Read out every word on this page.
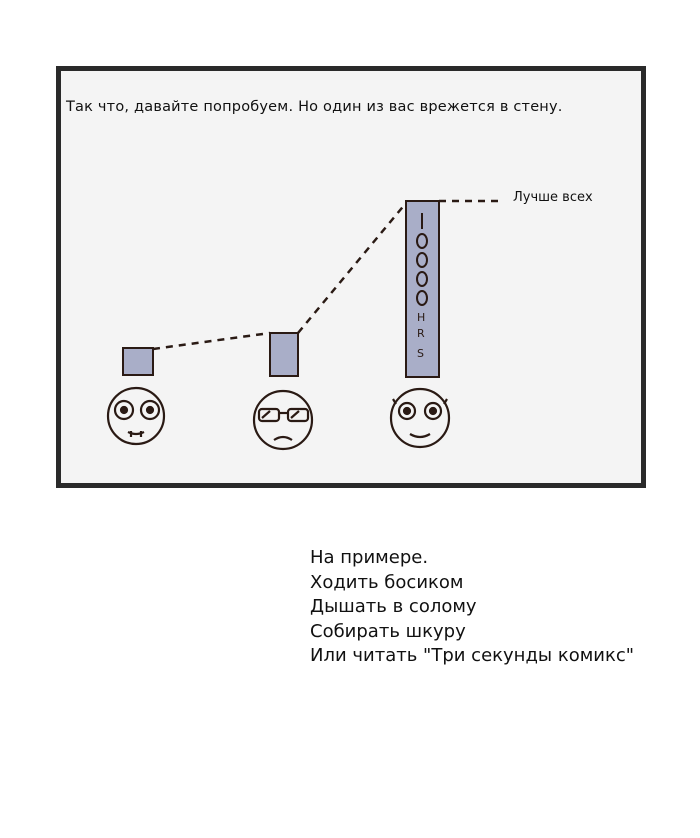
H
R
S
Так что, давайте попробуем. Но один из вас врежется в стену.
Лучше всех
На примере.
Ходить босиком
Дышать в солому
Собирать шкуру
Или читать "Три секунды комикс"
